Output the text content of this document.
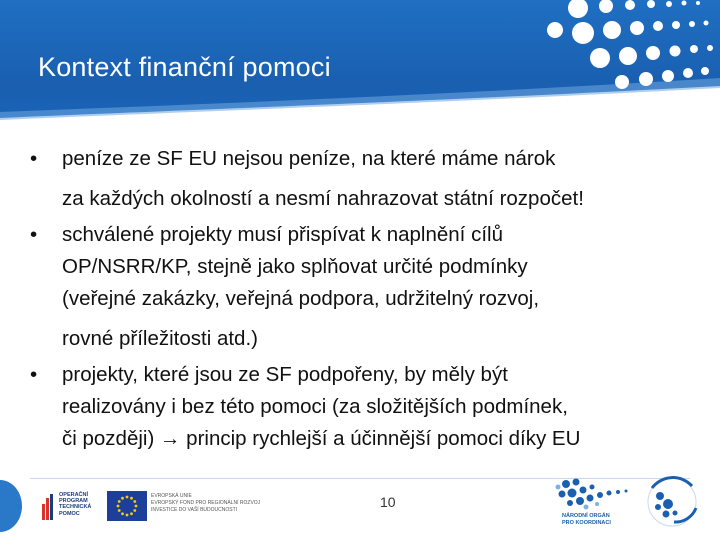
Kontext finanční pomoci
• peníze ze SF EU nejsou peníze, na které máme nárok
za každých okolností a nesmí nahrazovat státní rozpočet!
• schválené projekty musí přispívat k naplnění cílů
OP/NSRR/KP, stejně jako splňovat určité podmínky
(veřejné zakázky, veřejná podpora, udržitelný rozvoj,
rovné příležitosti atd.)
• projekty, které jsou ze SF podpořeny, by měly být
realizovány i bez této pomoci (za složitějších podmínek,
či později) → princip rychlejší a účinnější pomoci díky EU
OPERAČNÍ
PROGRAM
TECHNICKÁ
POMOC
EVROPSKÁ UNIE
EVROPSKÝ FOND PRO REGIONÁLNÍ ROZVOJ
INVESTICE DO VAŠÍ BUDOUCNOSTI	10
NÁRODNÍ ORGÁN
PRO KOORDINACI
